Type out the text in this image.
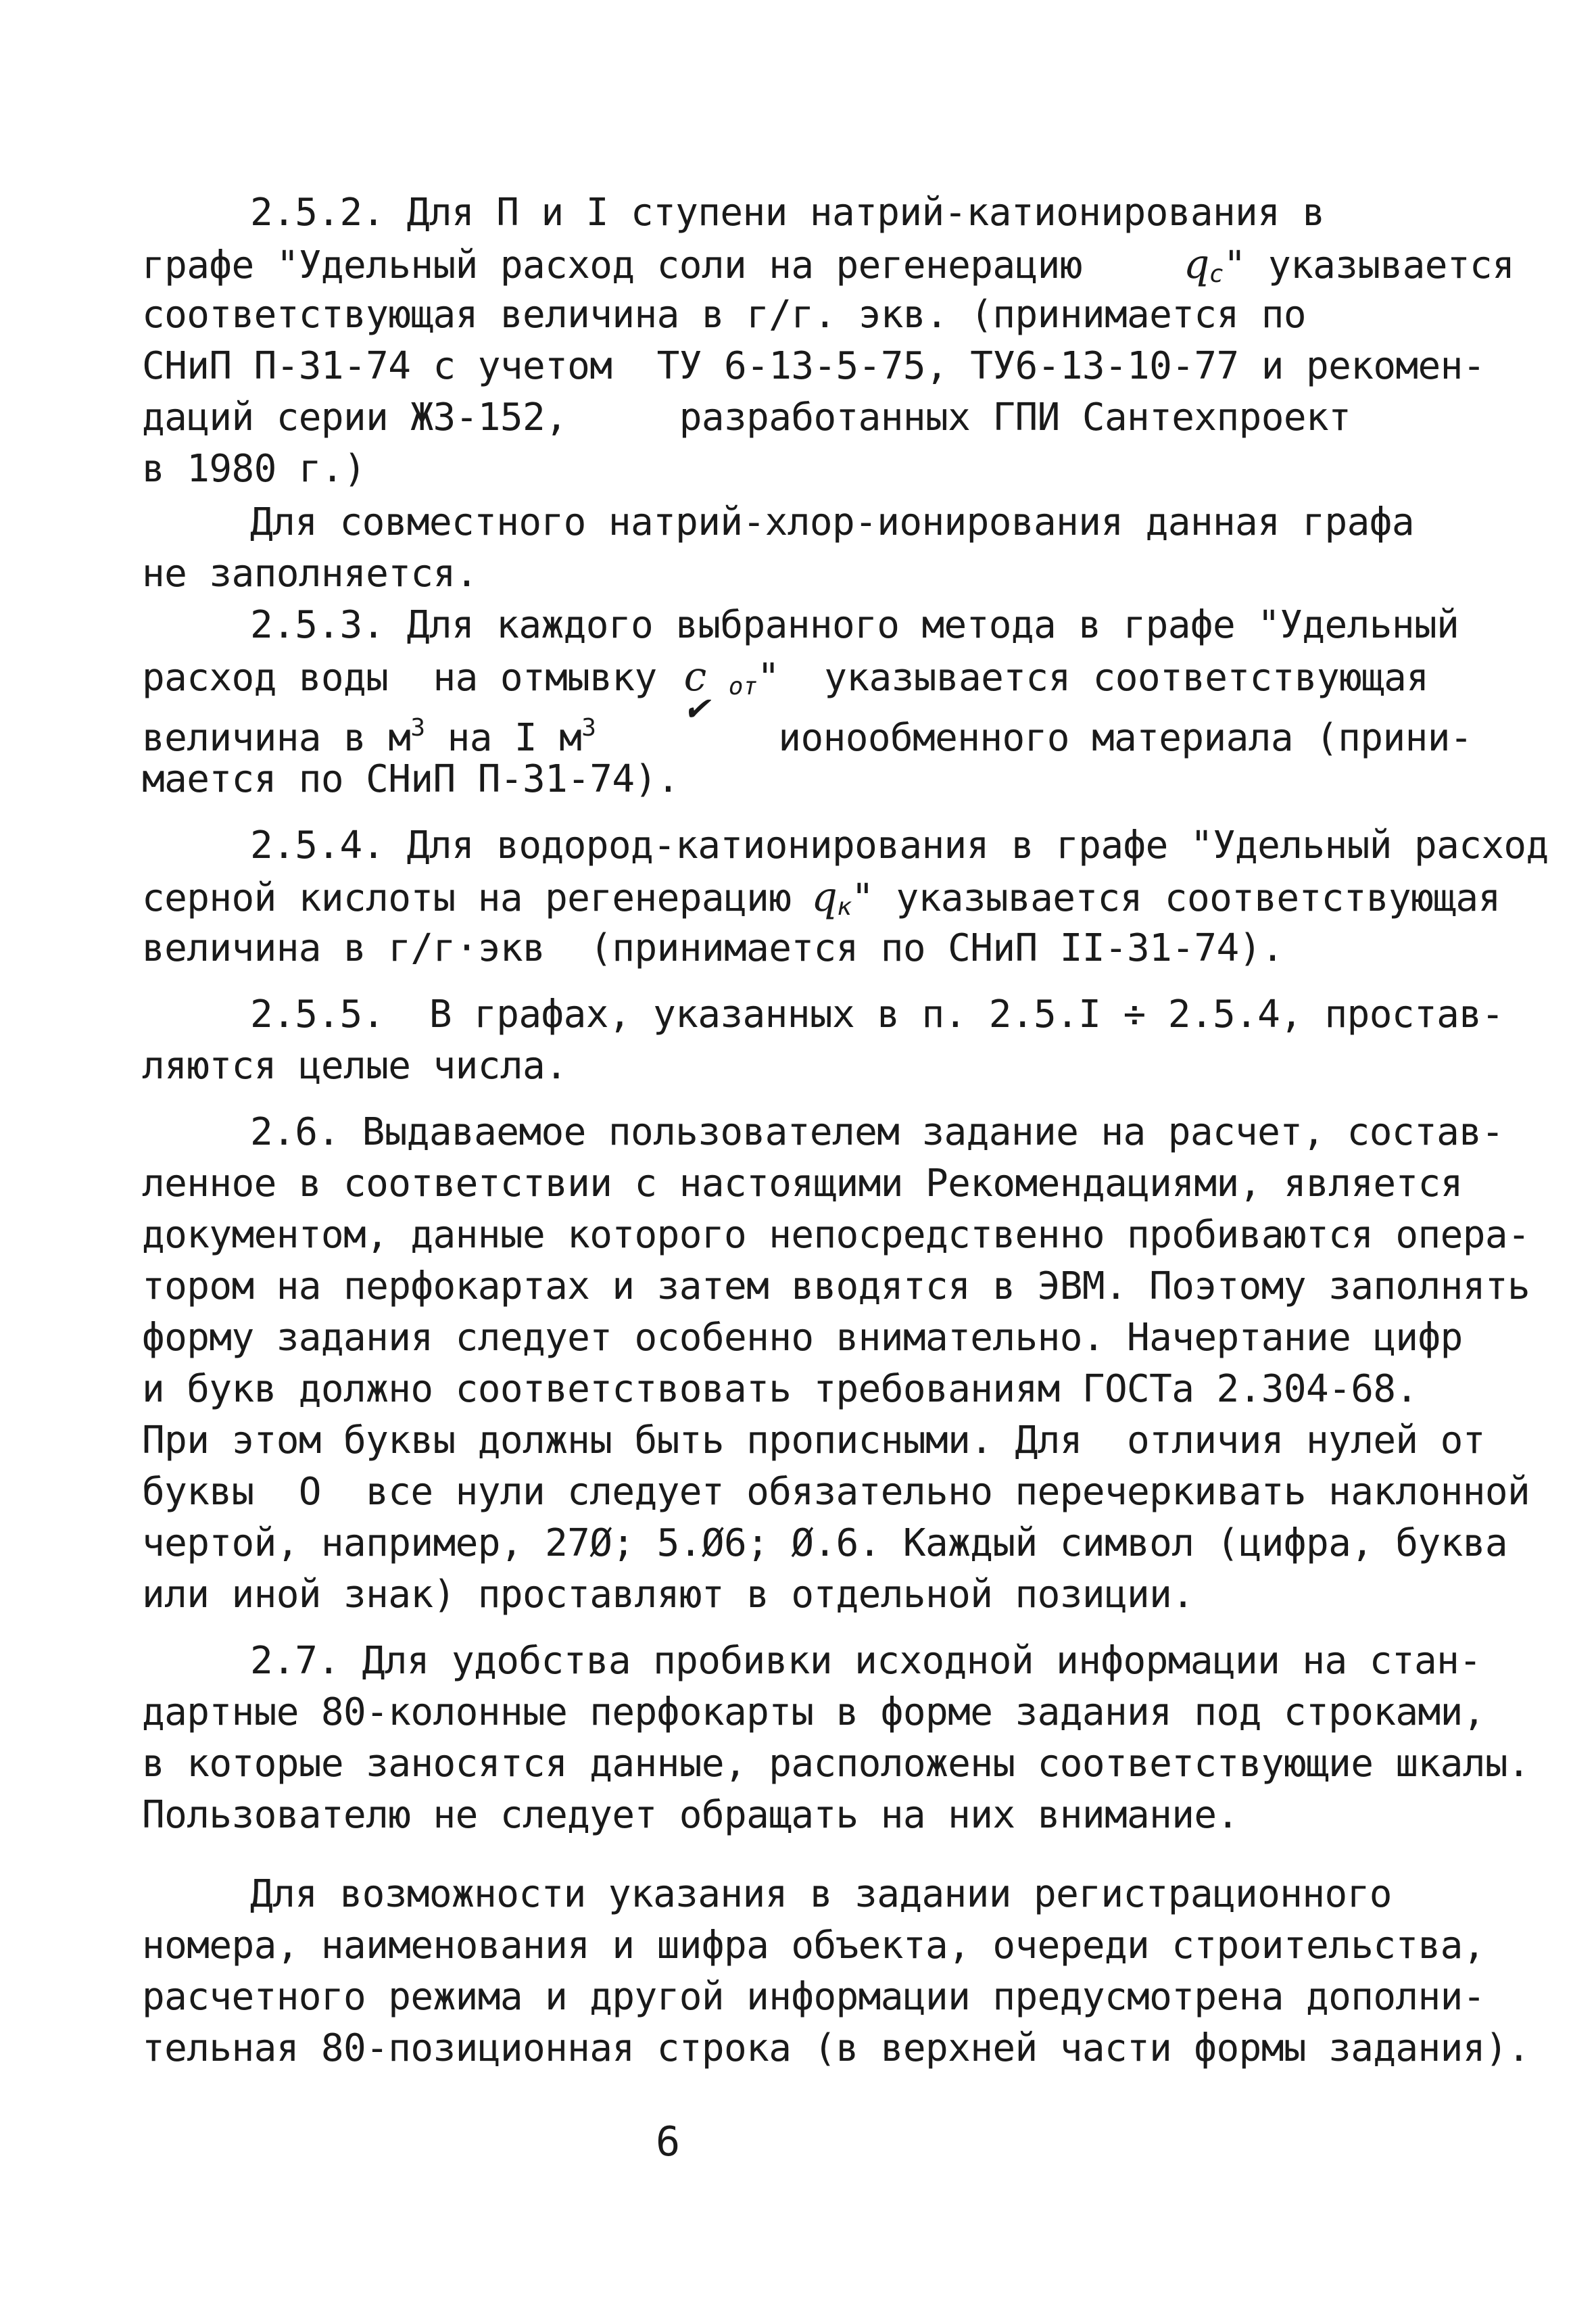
2.5.2. Для П и I ступени натрий-катионирования в
графе "Удельный расход соли на регенерацию	qc" указывается
соответствующая величина в г/г. экв. (принимается по
СНиП П-31-74 с учетом  ТУ 6-13-5-75, ТУ6-13-10-77 и рекомен-
даций серии ЖЗ-152,     разработанных ГПИ Сантехпроект
в 1980 г.)
Для совместного натрий-хлор-ионирования данная графа
не заполняется.
2.5.3. Для каждого выбранного метода в графе "Удельный
расход воды  на отмывку c от"  указывается соответствующая
величина в $м^3$ на I $м^3$	ионообменного материала (прини-
✔
мается по СНиП П-31-74).
2.5.4. Для водород-катионирования в графе "Удельный расход
серной кислоты на регенерацию qк" указывается соответствующая
величина в г/г·экв  (принимается по СНиП II-31-74).
2.5.5.  В графах, указанных в п. 2.5.I ÷ 2.5.4, простав-
ляются целые числа.
2.6. Выдаваемое пользователем задание на расчет, состав-
ленное в соответствии с настоящими Рекомендациями, является
документом, данные которого непосредственно пробиваются опера-
тором на перфокартах и затем вводятся в ЭВМ. Поэтому заполнять
форму задания следует особенно внимательно. Начертание цифр
и букв должно соответствовать требованиям ГОСТа 2.304-68.
При этом буквы должны быть прописными. Для  отличия нулей от
буквы  О  все нули следует обязательно перечеркивать наклонной
чертой, например, 27Ø; 5.Ø6; Ø.6. Каждый символ (цифра, буква
или иной знак) проставляют в отдельной позиции.
2.7. Для удобства пробивки исходной информации на стан-
дартные 80-колонные перфокарты в форме задания под строками,
в которые заносятся данные, расположены соответствующие шкалы.
Пользователю не следует обращать на них внимание.
Для возможности указания в задании регистрационного
номера, наименования и шифра объекта, очереди строительства,
расчетного режима и другой информации предусмотрена дополни-
тельная 80-позиционная строка (в верхней части формы задания).
6
